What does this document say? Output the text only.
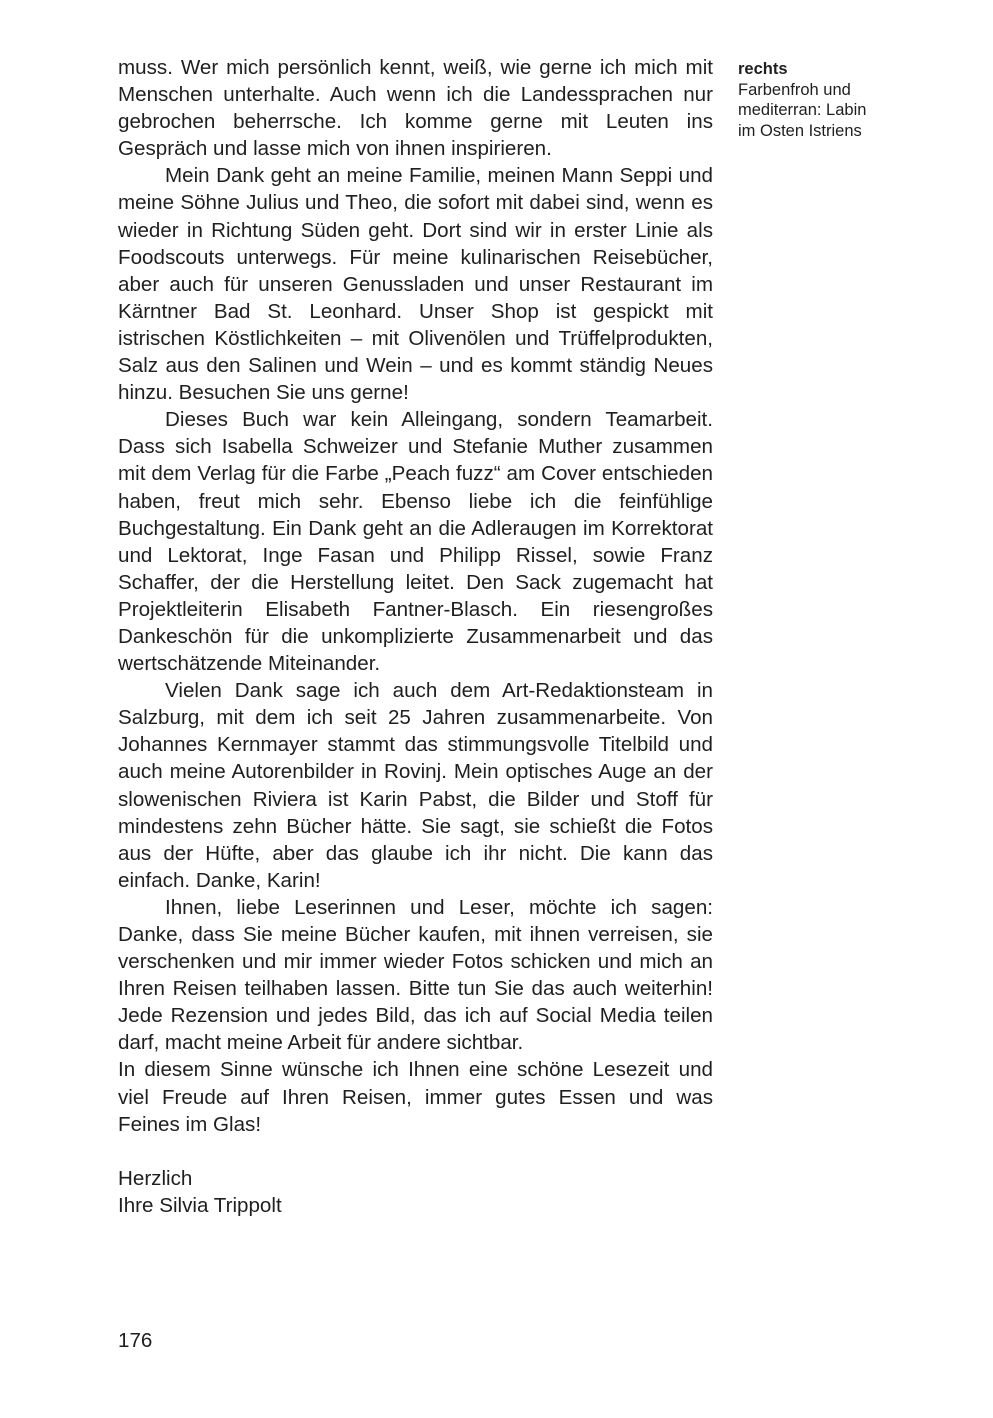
muss. Wer mich persönlich kennt, weiß, wie gerne ich mich mit Menschen unterhalte. Auch wenn ich die Landessprachen nur gebrochen beherrsche. Ich komme gerne mit Leuten ins Gespräch und lasse mich von ihnen inspirieren.

Mein Dank geht an meine Familie, meinen Mann Seppi und meine Söhne Julius und Theo, die sofort mit dabei sind, wenn es wieder in Richtung Süden geht. Dort sind wir in erster Linie als Foodscouts unterwegs. Für meine kulinarischen Reisebücher, aber auch für unseren Genussladen und unser Restaurant im Kärntner Bad St. Leonhard. Unser Shop ist gespickt mit istrischen Köstlichkeiten – mit Olivenölen und Trüffelprodukten, Salz aus den Salinen und Wein – und es kommt ständig Neues hinzu. Besuchen Sie uns gerne!

Dieses Buch war kein Alleingang, sondern Teamarbeit. Dass sich Isabella Schweizer und Stefanie Muther zusammen mit dem Verlag für die Farbe „Peach fuzz“ am Cover entschieden haben, freut mich sehr. Ebenso liebe ich die feinfühlige Buchgestaltung. Ein Dank geht an die Adleraugen im Korrektorat und Lektorat, Inge Fasan und Philipp Rissel, sowie Franz Schaffer, der die Herstellung leitet. Den Sack zugemacht hat Projektleiterin Elisabeth Fantner-Blasch. Ein riesengroßes Dankeschön für die unkomplizierte Zusammenarbeit und das wertschätzende Miteinander.

Vielen Dank sage ich auch dem Art-Redaktionsteam in Salzburg, mit dem ich seit 25 Jahren zusammenarbeite. Von Johannes Kernmayer stammt das stimmungsvolle Titelbild und auch meine Autorenbilder in Rovinj. Mein optisches Auge an der slowenischen Riviera ist Karin Pabst, die Bilder und Stoff für mindestens zehn Bücher hätte. Sie sagt, sie schießt die Fotos aus der Hüfte, aber das glaube ich ihr nicht. Die kann das einfach. Danke, Karin!

Ihnen, liebe Leserinnen und Leser, möchte ich sagen: Danke, dass Sie meine Bücher kaufen, mit ihnen verreisen, sie verschenken und mir immer wieder Fotos schicken und mich an Ihren Reisen teilhaben lassen. Bitte tun Sie das auch weiterhin! Jede Rezension und jedes Bild, das ich auf Social Media teilen darf, macht meine Arbeit für andere sichtbar.

In diesem Sinne wünsche ich Ihnen eine schöne Lesezeit und viel Freude auf Ihren Reisen, immer gutes Essen und was Feines im Glas!

Herzlich
Ihre Silvia Trippolt
rechts
Farbenfroh und mediterran: Labin im Osten Istriens
176
